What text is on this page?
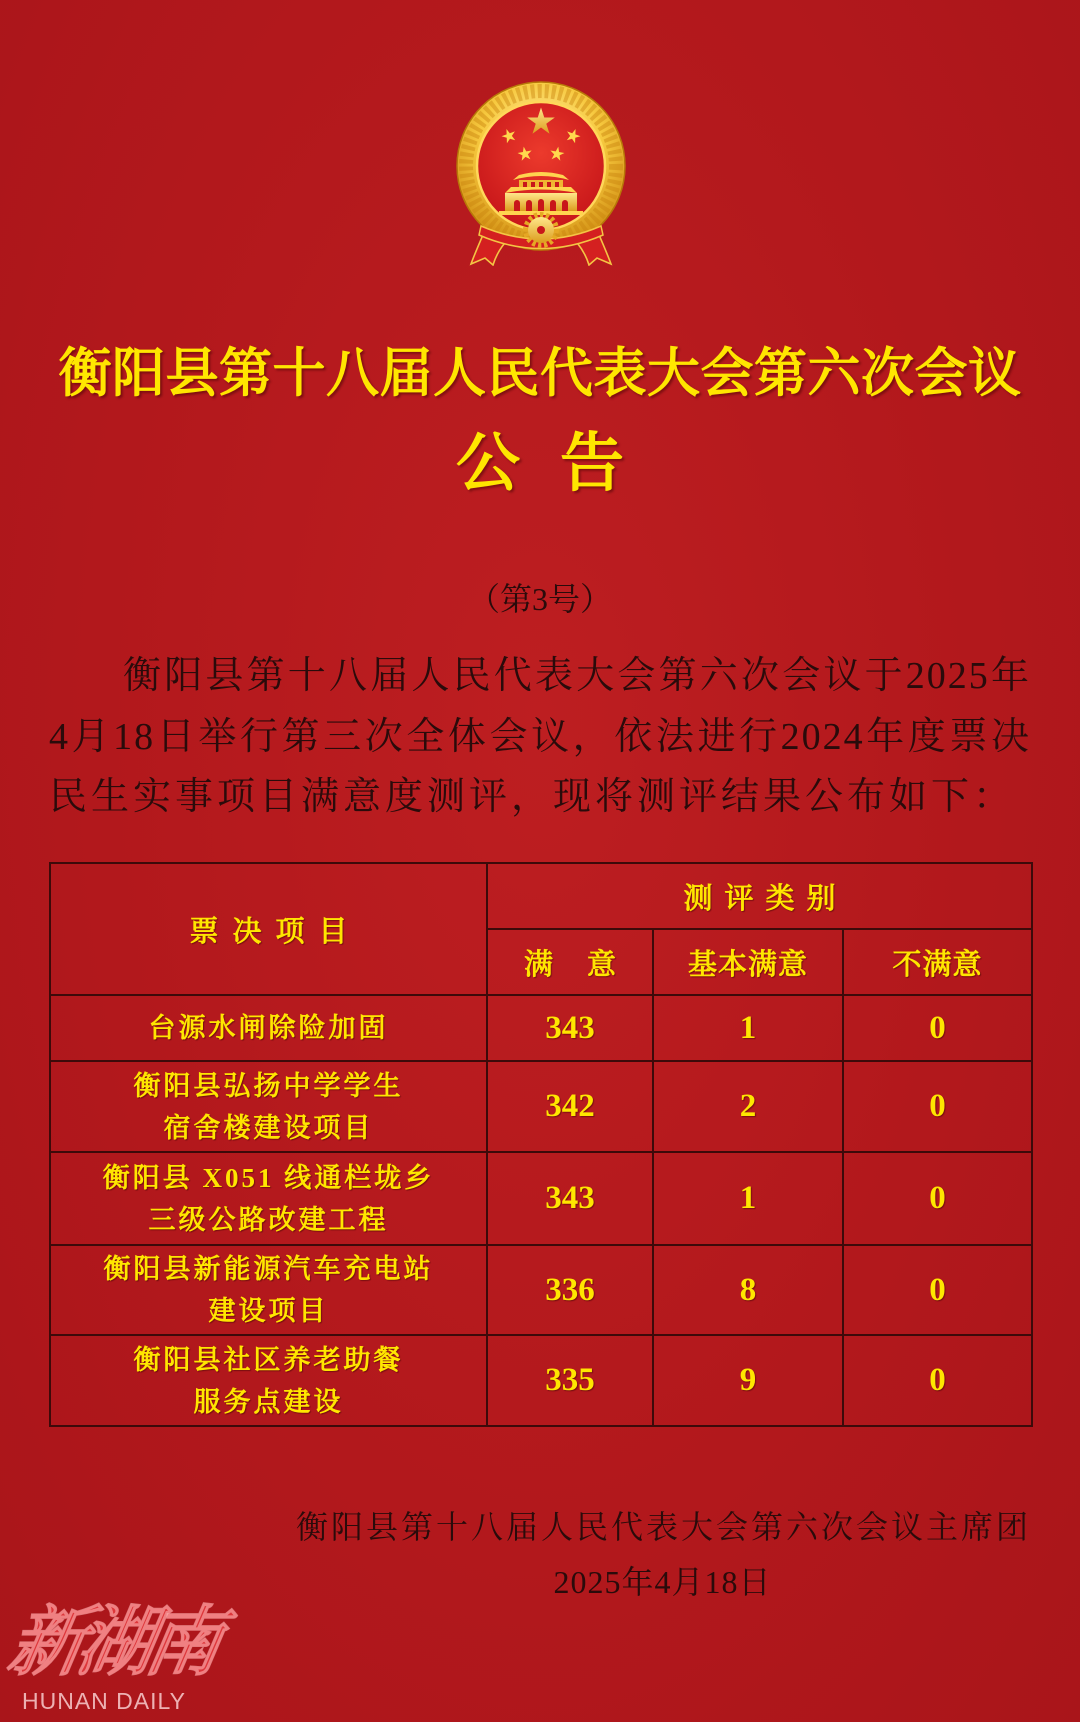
衡阳县第十八届人民代表大会第六次会议
公告
（第3号）
衡阳县第十八届人民代表大会第六次会议于2025年
4月18日举行第三次全体会议，依法进行2024年度票决
民生实事项目满意度测评，现将测评结果公布如下：
票决项目	测评类别		
	满意	基本满意	不满意

台源水闸除险加固	343	1	0

衡阳县弘扬中学学生
宿舍楼建设项目	342	2	0

衡阳县 X051 线通栏垅乡
三级公路改建工程	343	1	0

衡阳县新能源汽车充电站
建设项目	336	8	0

衡阳县社区养老助餐
服务点建设	335	9	0
衡阳县第十八届人民代表大会第六次会议主席团
2025年4月18日
新湖南
HUNAN DAILY
